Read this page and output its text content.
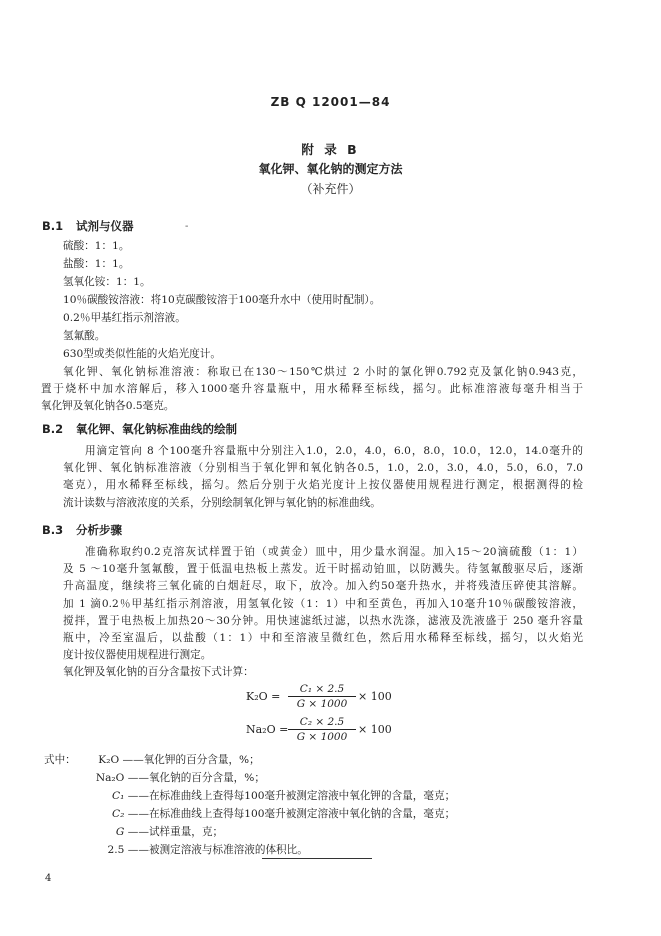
ZB Q 12001—84
附 录 B
氧化钾、氧化钠的测定方法
（补充件）
B.1 试剂与仪器	-
硫酸：1：1。
盐酸：1：1。
氢氧化铵：1：1。
10％碳酸铵溶液：将10克碳酸铵溶于100毫升水中（使用时配制）。
0.2％甲基红指示剂溶液。
氢氟酸。
630型或类似性能的火焰光度计。
氧化钾、氧化钠标准溶液：称取已在130～150℃烘过 2 小时的氯化钾0.792克及氯化钠0.943克，
置于烧杯中加水溶解后，移入1000毫升容量瓶中，用水稀释至标线，摇匀。此标准溶液每毫升相当于
氧化钾及氧化钠各0.5毫克。
B.2 氧化钾、氧化钠标准曲线的绘制
用滴定管向 8 个100毫升容量瓶中分别注入1.0，2.0，4.0，6.0，8.0，10.0，12.0，14.0毫升的
氧化钾、氧化钠标准溶液（分别相当于氧化钾和氧化钠各0.5，1.0，2.0，3.0，4.0，5.0，6.0，7.0
毫克），用水稀释至标线，摇匀。然后分别于火焰光度计上按仪器使用规程进行测定，根据测得的检
流计读数与溶液浓度的关系，分别绘制氧化钾与氧化钠的标准曲线。
B.3 分析步骤
准确称取约0.2克溶灰试样置于铂（或黄金）皿中，用少量水润湿。加入15～20滴硫酸（1：1）
及 5 ～10毫升氢氟酸，置于低温电热板上蒸发。近干时摇动铂皿，以防溅失。待氢氟酸驱尽后，逐渐
升高温度，继续将三氧化硫的白烟赶尽，取下，放冷。加入约50毫升热水，并将残渣压碎使其溶解。
加 1 滴0.2％甲基红指示剂溶液，用氢氧化铵（1：1）中和至黄色，再加入10毫升10％碳酸铵溶液，
搅拌，置于电热板上加热20～30分钟。用快速滤纸过滤，以热水洗涤，滤液及洗液盛于 250 毫升容量
瓶中，冷至室温后，以盐酸（1：1）中和至溶液呈微红色，然后用水稀释至标线，摇匀，以火焰光
度计按仪器使用规程进行测定。
氧化钾及氧化钠的百分含量按下式计算：
$K_2O = \frac{\text{C₁ × 2.5}}{G \times 1000} \times 100$
$Na_2O = \frac{\text{C₂ × 2.5}}{G \times 1000} \times 100$
式中： K₂O ——氧化钾的百分含量，%；
Na₂O ——氧化钠的百分含量，%；
C₁ ——在标准曲线上查得每100毫升被测定溶液中氧化钾的含量，毫克；
C₂ ——在标准曲线上查得每100毫升被测定溶液中氧化钠的含量，毫克；
G ——试样重量，克；
2.5 ——被测定溶液与标准溶液的体积比。
4
